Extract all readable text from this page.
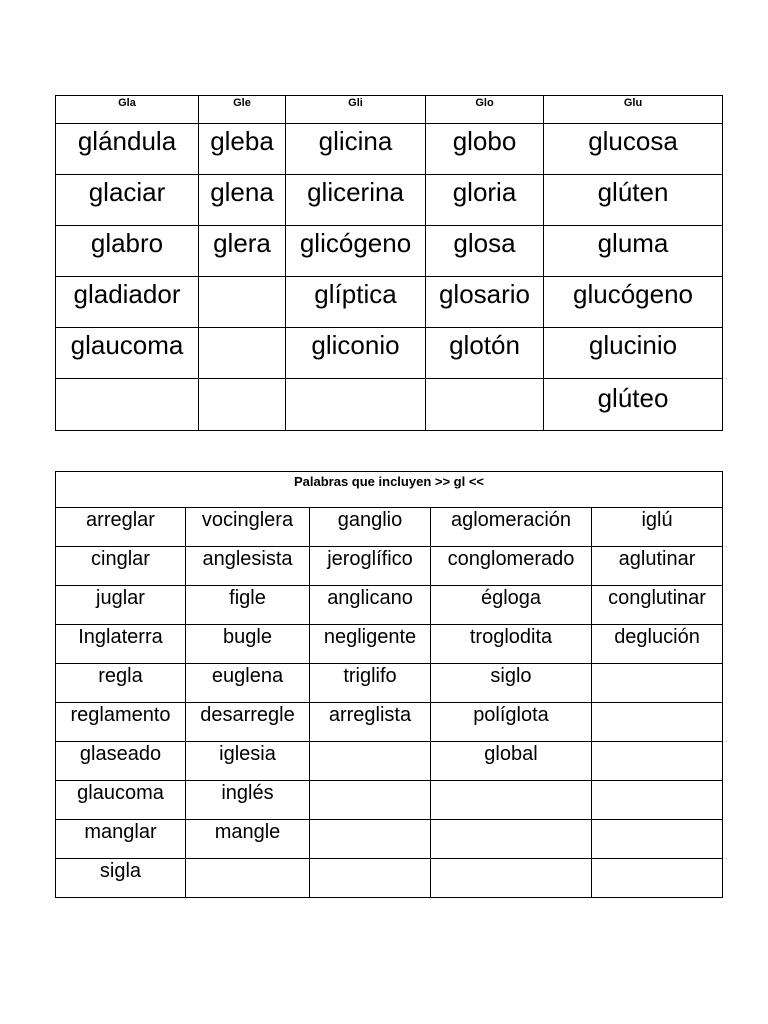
Gla	Gle	Gli	Glo	Glu
glándula	gleba	glicina	globo	glucosa
glaciar	glena	glicerina	gloria	glúten
glabro	glera	glicógeno	glosa	gluma
gladiador		glíptica	glosario	glucógeno
glaucoma		gliconio	glotón	glucinio
				glúteo
Palabras que incluyen >> gl <<				
arreglar	vocinglera	ganglio	aglomeración	iglú
cinglar	anglesista	jeroglífico	conglomerado	aglutinar
juglar	figle	anglicano	égloga	conglutinar
Inglaterra	bugle	negligente	troglodita	deglución
regla	euglena	triglifo	siglo	
reglamento	desarregle	arreglista	políglota	
glaseado	iglesia		global	
glaucoma	inglés			
manglar	mangle			
sigla				
